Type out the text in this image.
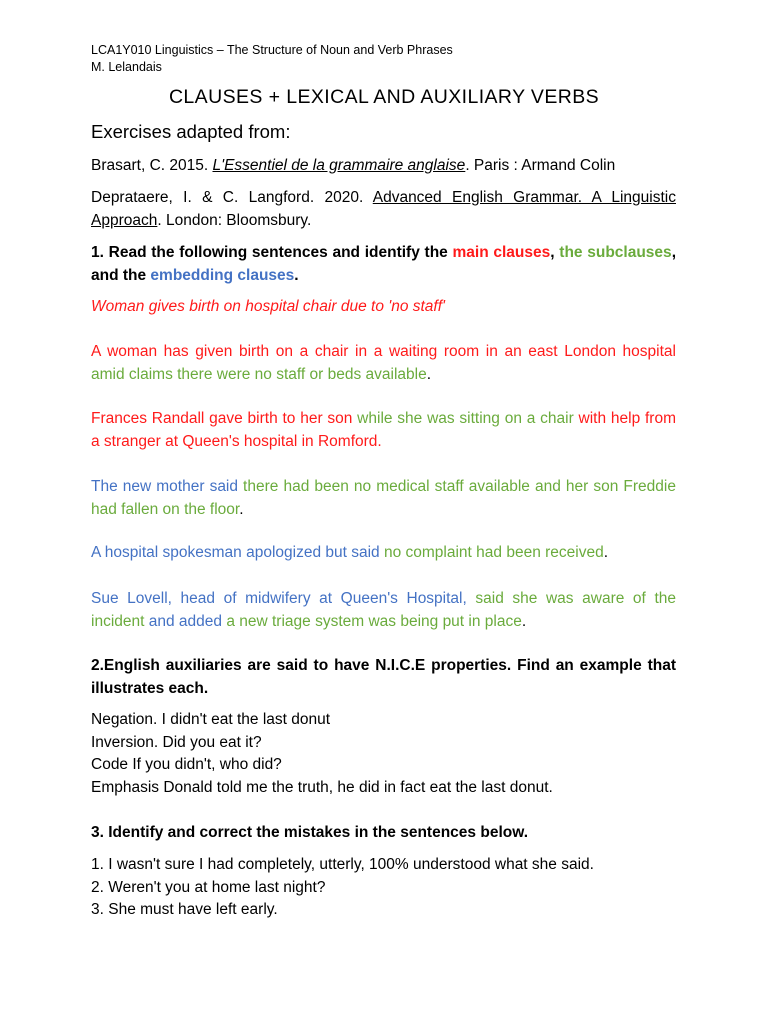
LCA1Y010 Linguistics – The Structure of Noun and Verb Phrases
M. Lelandais
CLAUSES + LEXICAL AND AUXILIARY VERBS
Exercises adapted from:
Brasart, C. 2015. L'Essentiel de la grammaire anglaise. Paris : Armand Colin
Deprataere, I. & C. Langford. 2020. Advanced English Grammar. A Linguistic Approach. London: Bloomsbury.
1. Read the following sentences and identify the main clauses, the subclauses, and the embedding clauses.
Woman gives birth on hospital chair due to 'no staff'
A woman has given birth on a chair in a waiting room in an east London hospital amid claims there were no staff or beds available.
Frances Randall gave birth to her son while she was sitting on a chair with help from a stranger at Queen's hospital in Romford.
The new mother said there had been no medical staff available and her son Freddie had fallen on the floor.
A hospital spokesman apologized but said no complaint had been received.
Sue Lovell, head of midwifery at Queen's Hospital, said she was aware of the incident and added a new triage system was being put in place.
2.English auxiliaries are said to have N.I.C.E properties. Find an example that illustrates each.
Negation. I didn't eat the last donut
Inversion. Did you eat it?
Code If you didn't, who did?
Emphasis Donald told me the truth, he did in fact eat the last donut.
3. Identify and correct the mistakes in the sentences below.
1. I wasn't sure I had completely, utterly, 100% understood what she said.
2. Weren't you at home last night?
3. She must have left early.
